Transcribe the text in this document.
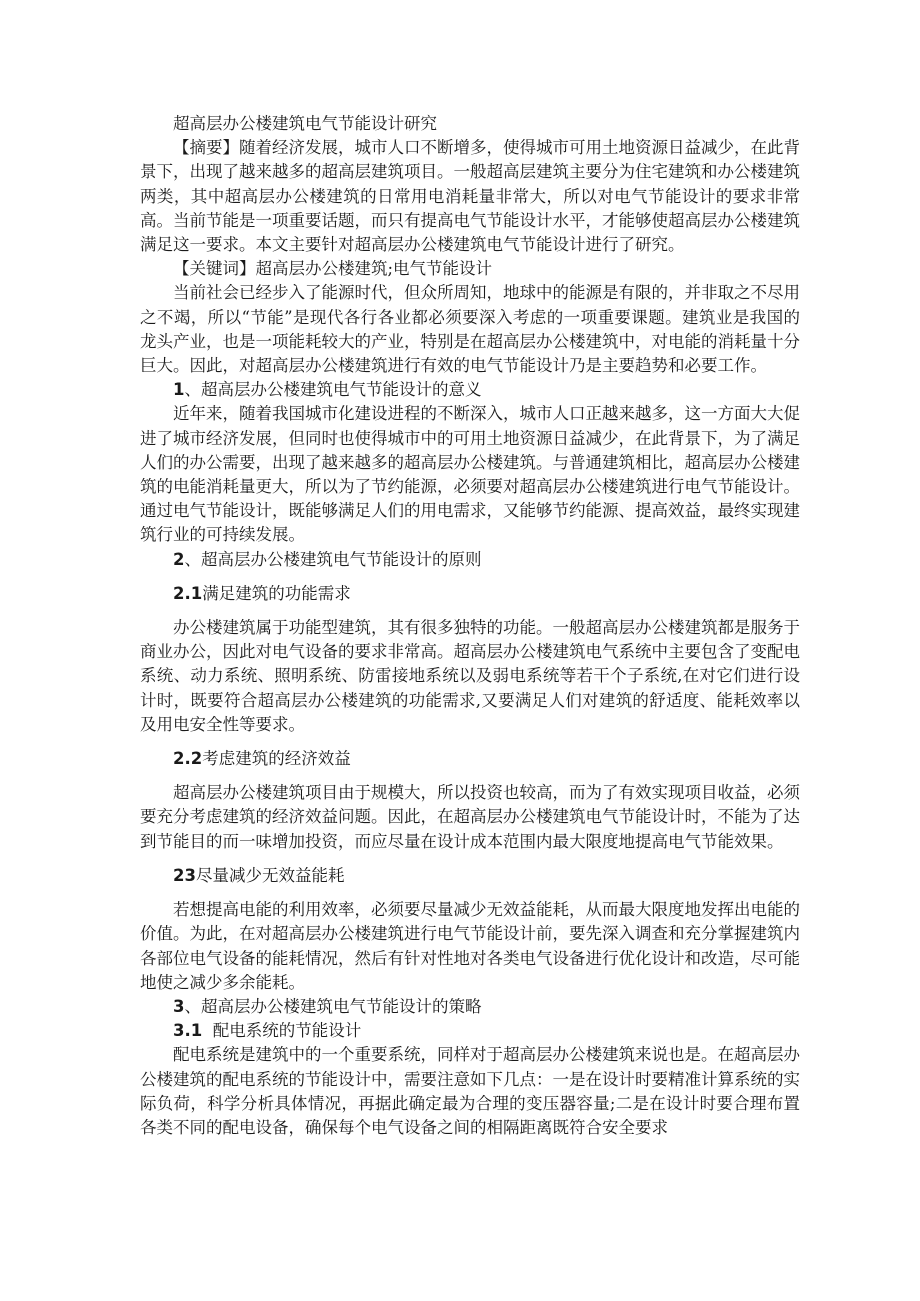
超高层办公楼建筑电气节能设计研究

【摘要】随着经济发展，城市人口不断增多，使得城市可用土地资源日益减少，在此背景下，出现了越来越多的超高层建筑项目。一般超高层建筑主要分为住宅建筑和办公楼建筑两类，其中超高层办公楼建筑的日常用电消耗量非常大，所以对电气节能设计的要求非常高。当前节能是一项重要话题，而只有提高电气节能设计水平，才能够使超高层办公楼建筑满足这一要求。本文主要针对超高层办公楼建筑电气节能设计进行了研究。

【关键词】超高层办公楼建筑;电气节能设计

当前社会已经步入了能源时代，但众所周知，地球中的能源是有限的，并非取之不尽用之不竭，所以“节能”是现代各行各业都必须要深入考虑的一项重要课题。建筑业是我国的龙头产业，也是一项能耗较大的产业，特别是在超高层办公楼建筑中，对电能的消耗量十分巨大。因此，对超高层办公楼建筑进行有效的电气节能设计乃是主要趋势和必要工作。

1、超高层办公楼建筑电气节能设计的意义

近年来，随着我国城市化建设进程的不断深入，城市人口正越来越多，这一方面大大促进了城市经济发展，但同时也使得城市中的可用土地资源日益减少，在此背景下，为了满足人们的办公需要，出现了越来越多的超高层办公楼建筑。与普通建筑相比，超高层办公楼建筑的电能消耗量更大，所以为了节约能源，必须要对超高层办公楼建筑进行电气节能设计。通过电气节能设计，既能够满足人们的用电需求，又能够节约能源、提高效益，最终实现建筑行业的可持续发展。

2、超高层办公楼建筑电气节能设计的原则

2.1满足建筑的功能需求

办公楼建筑属于功能型建筑，其有很多独特的功能。一般超高层办公楼建筑都是服务于商业办公，因此对电气设备的要求非常高。超高层办公楼建筑电气系统中主要包含了变配电系统、动力系统、照明系统、防雷接地系统以及弱电系统等若干个子系统,在对它们进行设计时，既要符合超高层办公楼建筑的功能需求,又要满足人们对建筑的舒适度、能耗效率以及用电安全性等要求。

2.2考虑建筑的经济效益

超高层办公楼建筑项目由于规模大，所以投资也较高，而为了有效实现项目收益，必须要充分考虑建筑的经济效益问题。因此，在超高层办公楼建筑电气节能设计时，不能为了达到节能目的而一味增加投资，而应尽量在设计成本范围内最大限度地提高电气节能效果。

23尽量减少无效益能耗

若想提高电能的利用效率，必须要尽量减少无效益能耗，从而最大限度地发挥出电能的价值。为此，在对超高层办公楼建筑进行电气节能设计前，要先深入调查和充分掌握建筑内各部位电气设备的能耗情况，然后有针对性地对各类电气设备进行优化设计和改造，尽可能地使之减少多余能耗。

3、超高层办公楼建筑电气节能设计的策略

3.1 配电系统的节能设计

配电系统是建筑中的一个重要系统，同样对于超高层办公楼建筑来说也是。在超高层办公楼建筑的配电系统的节能设计中，需要注意如下几点：一是在设计时要精准计算系统的实际负荷，科学分析具体情况，再据此确定最为合理的变压器容量;二是在设计时要合理布置各类不同的配电设备，确保每个电气设备之间的相隔距离既符合安全要求
